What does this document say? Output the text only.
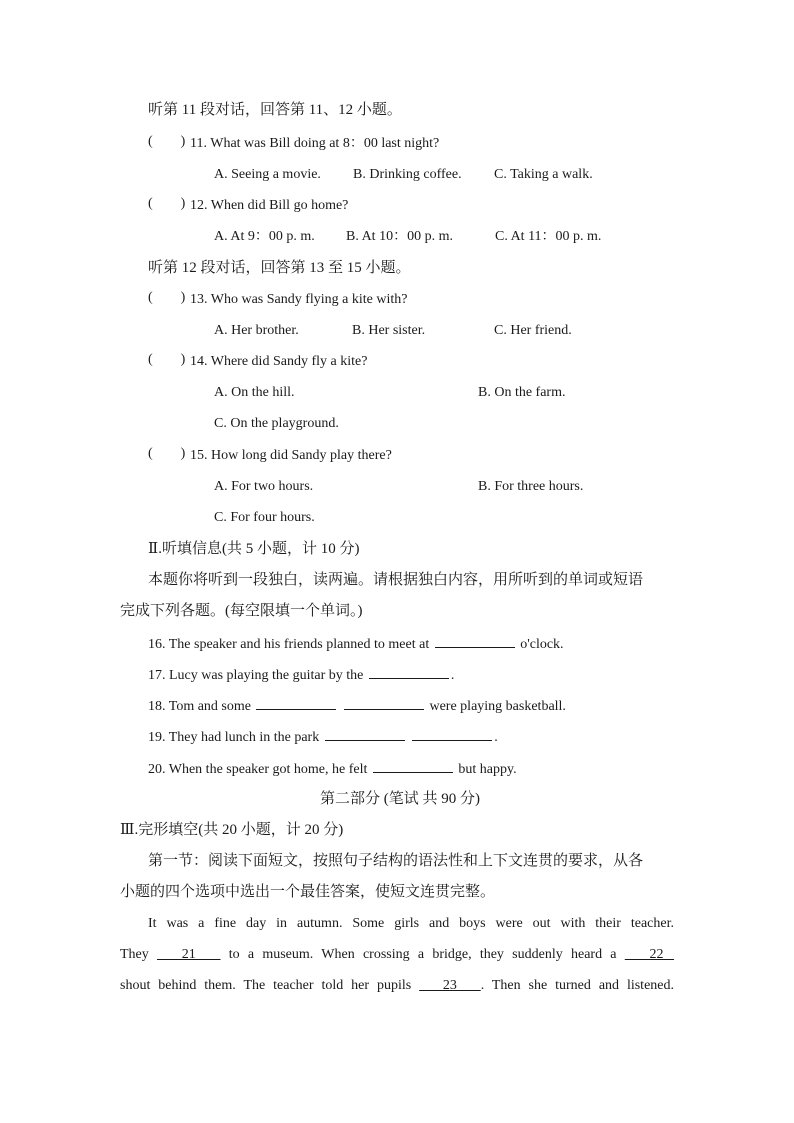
听第 11 段对话，回答第 11、12 小题。
(        ) 11. What was Bill doing at 8：00 last night?
A. Seeing a movie. B. Drinking coffee. C. Taking a walk.
(        ) 12. When did Bill go home?
A. At 9：00 p. m. B. At 10：00 p. m.	C. At 11：00 p. m.
听第 12 段对话，回答第 13 至 15 小题。
(        ) 13. Who was Sandy flying a kite with?
A. Her brother.	B. Her sister.	C. Her friend.
(        ) 14. Where did Sandy fly a kite?
A. On the hill.	B. On the farm.
C. On the playground.
(        ) 15. How long did Sandy play there?
A. For two hours.	B. For three hours.
C. For four hours.
Ⅱ.听填信息(共 5 小题，计 10 分)
本题你将听到一段独白，读两遍。请根据独白内容，用所听到的单词或短语
完成下列各题。(每空限填一个单词。)
16. The speaker and his friends planned to meet at	o'clock.
17. Lucy was playing the guitar by the	.
18. Tom and some	were playing basketball.
19. They had lunch in the park	.
20. When the speaker got home, he felt	but happy.
第二部分 (笔试 共 90 分)
Ⅲ.完形填空(共 20 小题，计 20 分)
第一节：阅读下面短文，按照句子结构的语法性和上下文连贯的要求，从各
小题的四个选项中选出一个最佳答案，使短文连贯完整。
It was a fine day in autumn. Some girls and boys were out with their teacher.
They    21    to a museum. When crossing a bridge, they suddenly heard a    22
shout behind them. The teacher told her pupils    23   . Then she turned and listened.
